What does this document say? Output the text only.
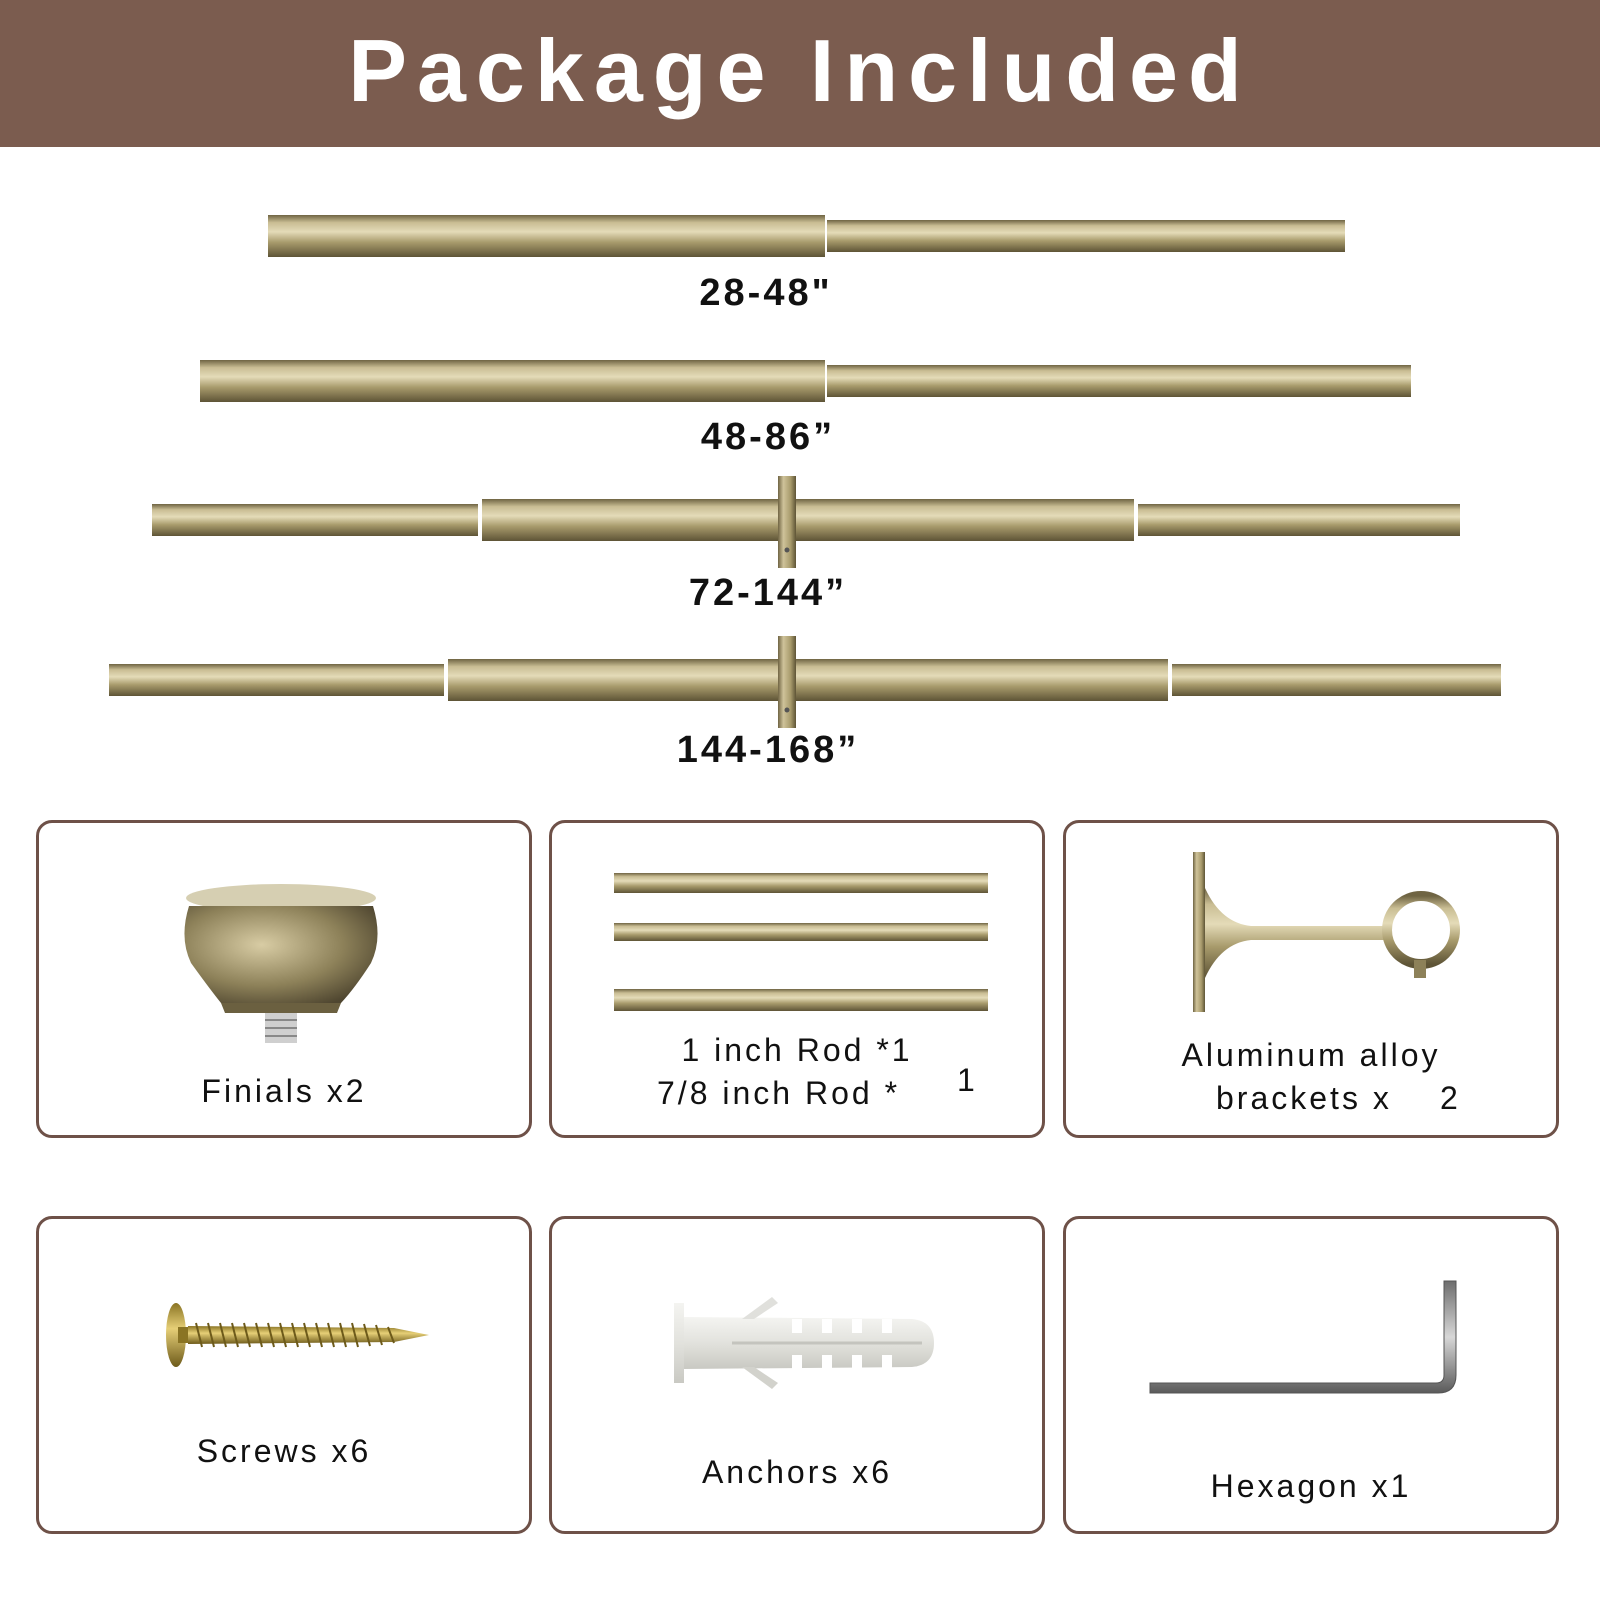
Package Included
28-48"
48-86”
72-144”
144-168”
Finials x2
1 inch Rod *1
7/8 inch Rod * 1
Aluminum alloy
brackets x 2
Screws x6
Anchors x6	Hexagon x1
